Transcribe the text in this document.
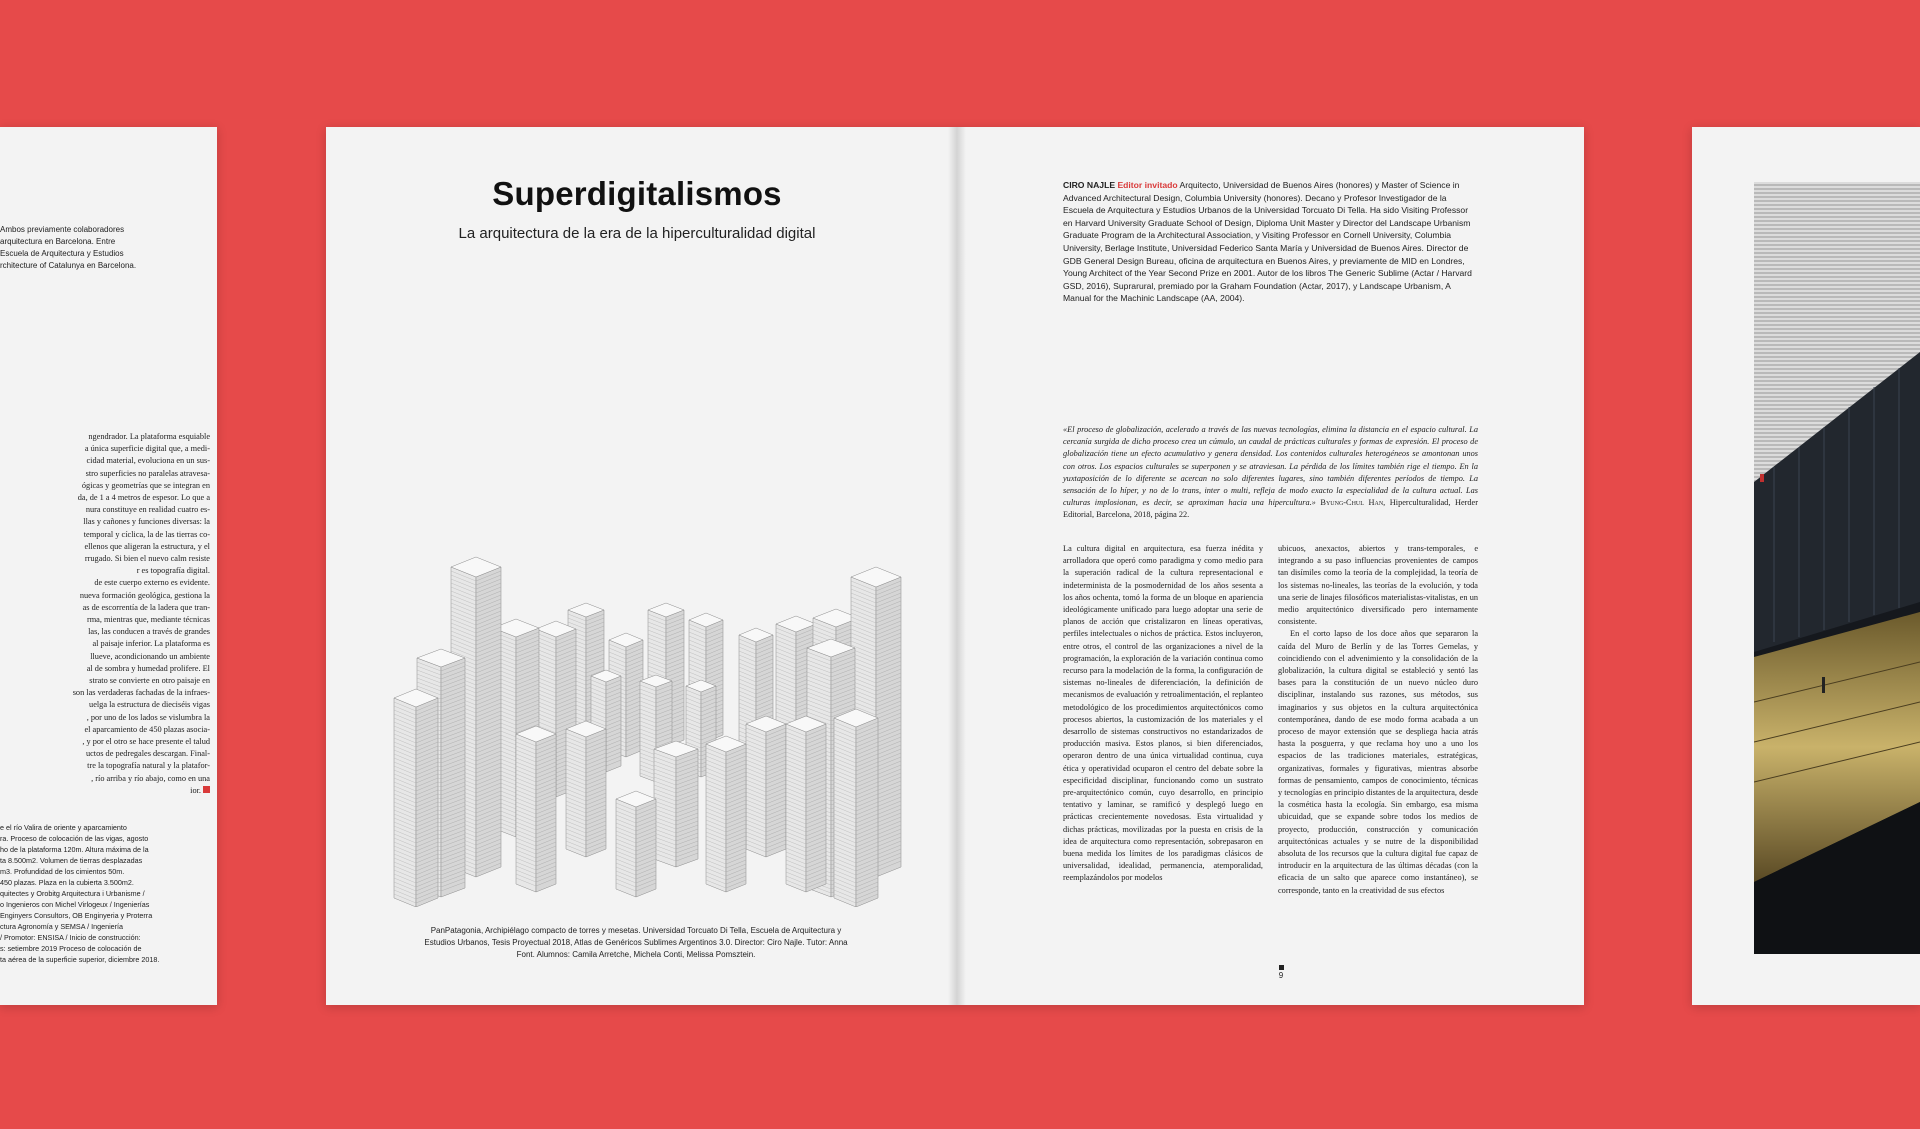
Ambos previamente colaboradores
arquitectura en Barcelona. Entre
Escuela de Arquitectura y Estudios
rchitecture of Catalunya en Barcelona.
ngendrador. La plataforma esquiable
a única superficie digital que, a medi-
cidad material, evoluciona en un sus-
stro superficies no paralelas atravesa-
ógicas y geometrías que se integran en
da, de 1 a 4 metros de espesor. Lo que a
nura constituye en realidad cuatro es-
llas y cañones y funciones diversas: la
temporal y cíclica, la de las tierras co-
ellenos que aligeran la estructura, y el
rrugado. Si bien el nuevo calm resiste
r es topografía digital.
de este cuerpo externo es evidente.
nueva formación geológica, gestiona la
as de escorrentía de la ladera que tran-
rma, mientras que, mediante técnicas
las, las conducen a través de grandes
al paisaje inferior. La plataforma es
llueve, acondicionando un ambiente
al de sombra y humedad prolifere. El
strato se convierte en otro paisaje en
son las verdaderas fachadas de la infraes-
uelga la estructura de dieciséis vigas
, por uno de los lados se vislumbra la
el aparcamiento de 450 plazas asocia-
, y por el otro se hace presente el talud
uctos de pedregales descargan. Final-
tre la topografía natural y la platafor-
, río arriba y río abajo, como en una
ior.
e el río Valira de oriente y aparcamiento
ra. Proceso de colocación de las vigas, agosto
ho de la plataforma 120m. Altura máxima de la
ta 8.500m2. Volumen de tierras desplazadas
m3. Profundidad de los cimientos 50m.
450 plazas. Plaza en la cubierta 3.500m2.
quitectes y Orobitg Arquitectura i Urbanisme /
o Ingenieros con Michel Virlogeux / Ingenierías
Enginyers Consultors, OB Enginyeria y Proterra
ctura Agronomía y SEMSA / Ingeniería
/ Promotor: ENSISA / Inicio de construcción:
s: setiembre 2019 Proceso de colocación de
ta aérea de la superficie superior, diciembre 2018.
Superdigitalismos
La arquitectura de la era de la hiperculturalidad digital
PanPatagonia, Archipiélago compacto de torres y mesetas. Universidad Torcuato Di Tella, Escuela de Arquitectura y Estudios Urbanos, Tesis Proyectual 2018, Atlas de Genéricos Sublimes Argentinos 3.0. Director: Ciro Najle. Tutor: Anna Font. Alumnos: Camila Arretche, Michela Conti, Melissa Pomsztein.
CIRO NAJLE Editor invitado Arquitecto, Universidad de Buenos Aires (honores) y Master of Science in Advanced Architectural Design, Columbia University (honores). Decano y Profesor Investigador de la Escuela de Arquitectura y Estudios Urbanos de la Universidad Torcuato Di Tella. Ha sido Visiting Professor en Harvard University Graduate School of Design, Diploma Unit Master y Director del Landscape Urbanism Graduate Program de la Architectural Association, y Visiting Professor en Cornell University, Columbia University, Berlage Institute, Universidad Federico Santa María y Universidad de Buenos Aires. Director de GDB General Design Bureau, oficina de arquitectura en Buenos Aires, y previamente de MID en Londres, Young Architect of the Year Second Prize en 2001. Autor de los libros The Generic Sublime (Actar / Harvard GSD, 2016), Suprarural, premiado por la Graham Foundation (Actar, 2017), y Landscape Urbanism, A Manual for the Machinic Landscape (AA, 2004).
«El proceso de globalización, acelerado a través de las nuevas tecnologías, elimina la distancia en el espacio cultural. La cercanía surgida de dicho proceso crea un cúmulo, un caudal de prácticas culturales y formas de expresión. El proceso de globalización tiene un efecto acumulativo y genera densidad. Los contenidos culturales heterogéneos se amontonan unos con otros. Los espacios culturales se superponen y se atraviesan. La pérdida de los límites también rige el tiempo. En la yuxtaposición de lo diferente se acercan no solo diferentes lugares, sino también diferentes períodos de tiempo. La sensación de lo híper, y no de lo trans, inter o multi, refleja de modo exacto la especialidad de la cultura actual. Las culturas implosionan, es decir, se aproximan hacia una hipercultura.» Byung-Chul Han, Hiperculturalidad, Herder Editorial, Barcelona, 2018, página 22.
La cultura digital en arquitectura, esa fuerza inédita y arrolladora que operó como paradigma y como medio para la superación radical de la cultura representacional e indeterminista de la posmodernidad de los años sesenta a los años ochenta, tomó la forma de un bloque en apariencia ideológicamente unificado para luego adoptar una serie de planos de acción que cristalizaron en líneas operativas, perfiles intelectuales o nichos de práctica. Estos incluyeron, entre otros, el control de las organizaciones a nivel de la programación, la exploración de la variación continua como recurso para la modelación de la forma, la configuración de sistemas no-lineales de diferenciación, la definición de mecanismos de evaluación y retroalimentación, el replanteo metodológico de los procedimientos arquitectónicos como procesos abiertos, la customización de los materiales y el desarrollo de sistemas constructivos no estandarizados de producción masiva. Estos planos, si bien diferenciados, operaron dentro de una única virtualidad continua, cuya ética y operatividad ocuparon el centro del debate sobre la especificidad disciplinar, funcionando como un sustrato pre-arquitectónico común, cuyo desarrollo, en principio tentativo y laminar, se ramificó y desplegó luego en prácticas crecientemente novedosas. Esta virtualidad y dichas prácticas, movilizadas por la puesta en crisis de la idea de arquitectura como representación, sobrepasaron en buena medida los límites de los paradigmas clásicos de universalidad, idealidad, permanencia, atemporalidad, reemplazándolos por modelos
ubicuos, anexactos, abiertos y trans-temporales, e integrando a su paso influencias provenientes de campos tan disímiles como la teoría de la complejidad, la teoría de los sistemas no-lineales, las teorías de la evolución, y toda una serie de linajes filosóficos materialistas-vitalistas, en un medio arquitectónico diversificado pero internamente consistente.
En el corto lapso de los doce años que separaron la caída del Muro de Berlín y de las Torres Gemelas, y coincidiendo con el advenimiento y la consolidación de la globalización, la cultura digital se estableció y sentó las bases para la constitución de un nuevo núcleo duro disciplinar, instalando sus razones, sus métodos, sus imaginarios y sus objetos en la cultura arquitectónica contemporánea, dando de ese modo forma acabada a un proceso de mayor extensión que se despliega hacia atrás hasta la posguerra, y que reclama hoy uno a uno los espacios de las tradiciones materiales, estratégicas, organizativas, formales y figurativas, mientras absorbe formas de pensamiento, campos de conocimiento, técnicas y tecnologías en principio distantes de la arquitectura, desde la cosmética hasta la ecología. Sin embargo, esa misma ubicuidad, que se expande sobre todos los medios de proyecto, producción, construcción y comunicación arquitectónicas actuales y se nutre de la disponibilidad absoluta de los recursos que la cultura digital fue capaz de introducir en la arquitectura de las últimas décadas (con la eficacia de un salto que aparece como instantáneo), se corresponde, tanto en la creatividad de sus efectos
9
